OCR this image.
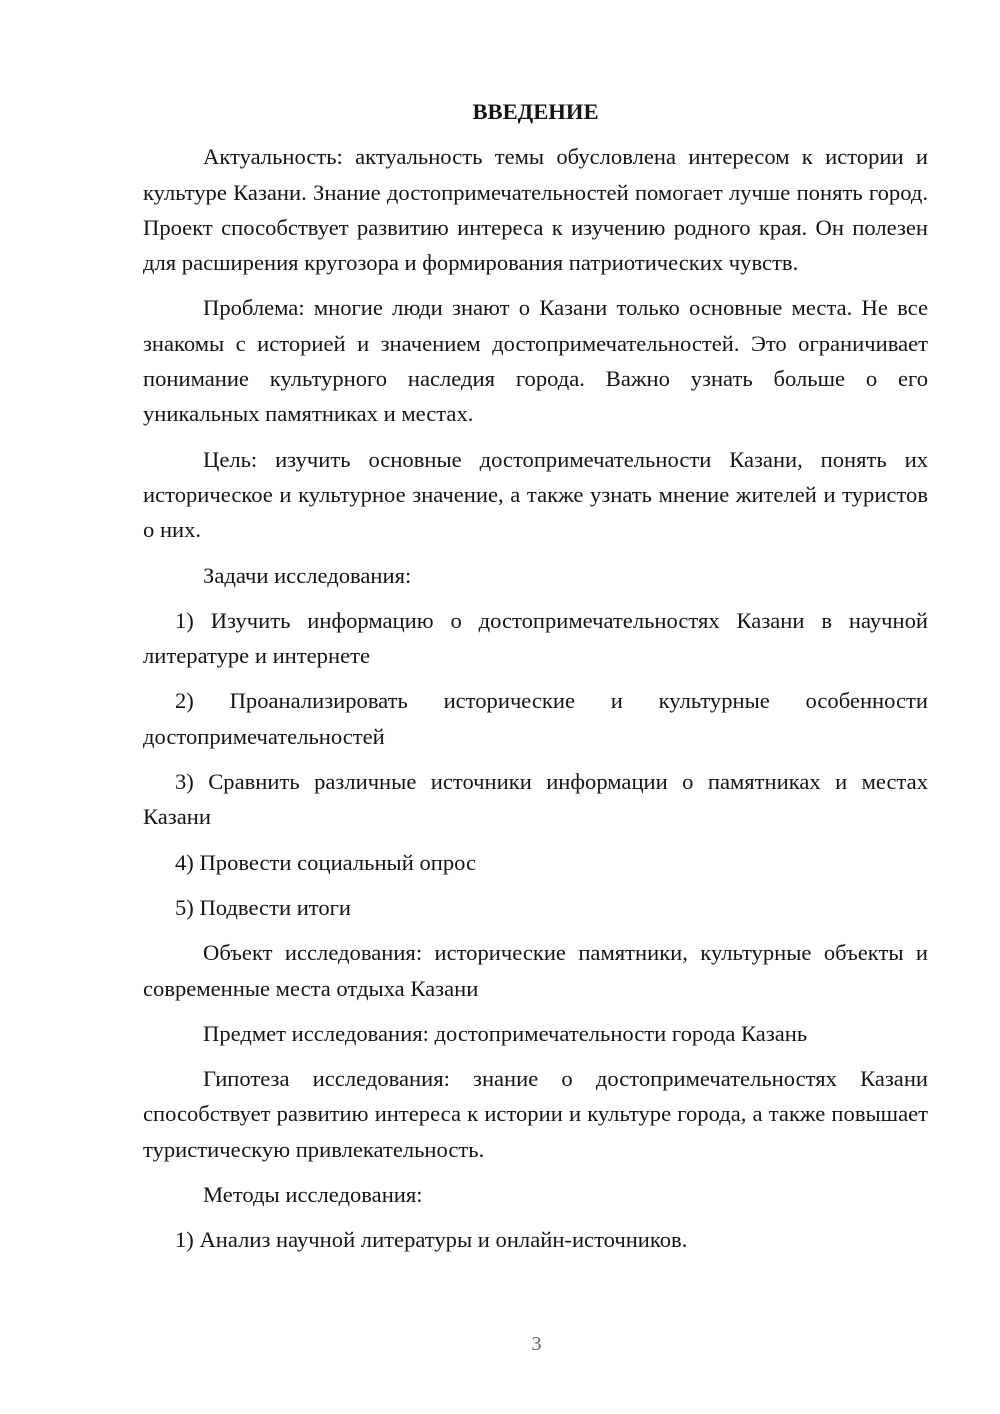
ВВЕДЕНИЕ

Актуальность: актуальность темы обусловлена интересом к истории и культуре Казани. Знание достопримечательностей помогает лучше понять город. Проект способствует развитию интереса к изучению родного края. Он полезен для расширения кругозора и формирования патриотических чувств.

Проблема: многие люди знают о Казани только основные места. Не все знакомы с историей и значением достопримечательностей. Это ограничивает понимание культурного наследия города. Важно узнать больше о его уникальных памятниках и местах.

Цель: изучить основные достопримечательности Казани, понять их историческое и культурное значение, а также узнать мнение жителей и туристов о них.

Задачи исследования:

1) Изучить информацию о достопримечательностях Казани в научной литературе и интернете

2) Проанализировать исторические и культурные особенности достопримечательностей

3) Сравнить различные источники информации о памятниках и местах Казани

4) Провести социальный опрос

5) Подвести итоги

Объект исследования: исторические памятники, культурные объекты и современные места отдыха Казани

Предмет исследования: достопримечательности города Казань

Гипотеза исследования: знание о достопримечательностях Казани способствует развитию интереса к истории и культуре города, а также повышает туристическую привлекательность.

Методы исследования:

1) Анализ научной литературы и онлайн-источников.

3
